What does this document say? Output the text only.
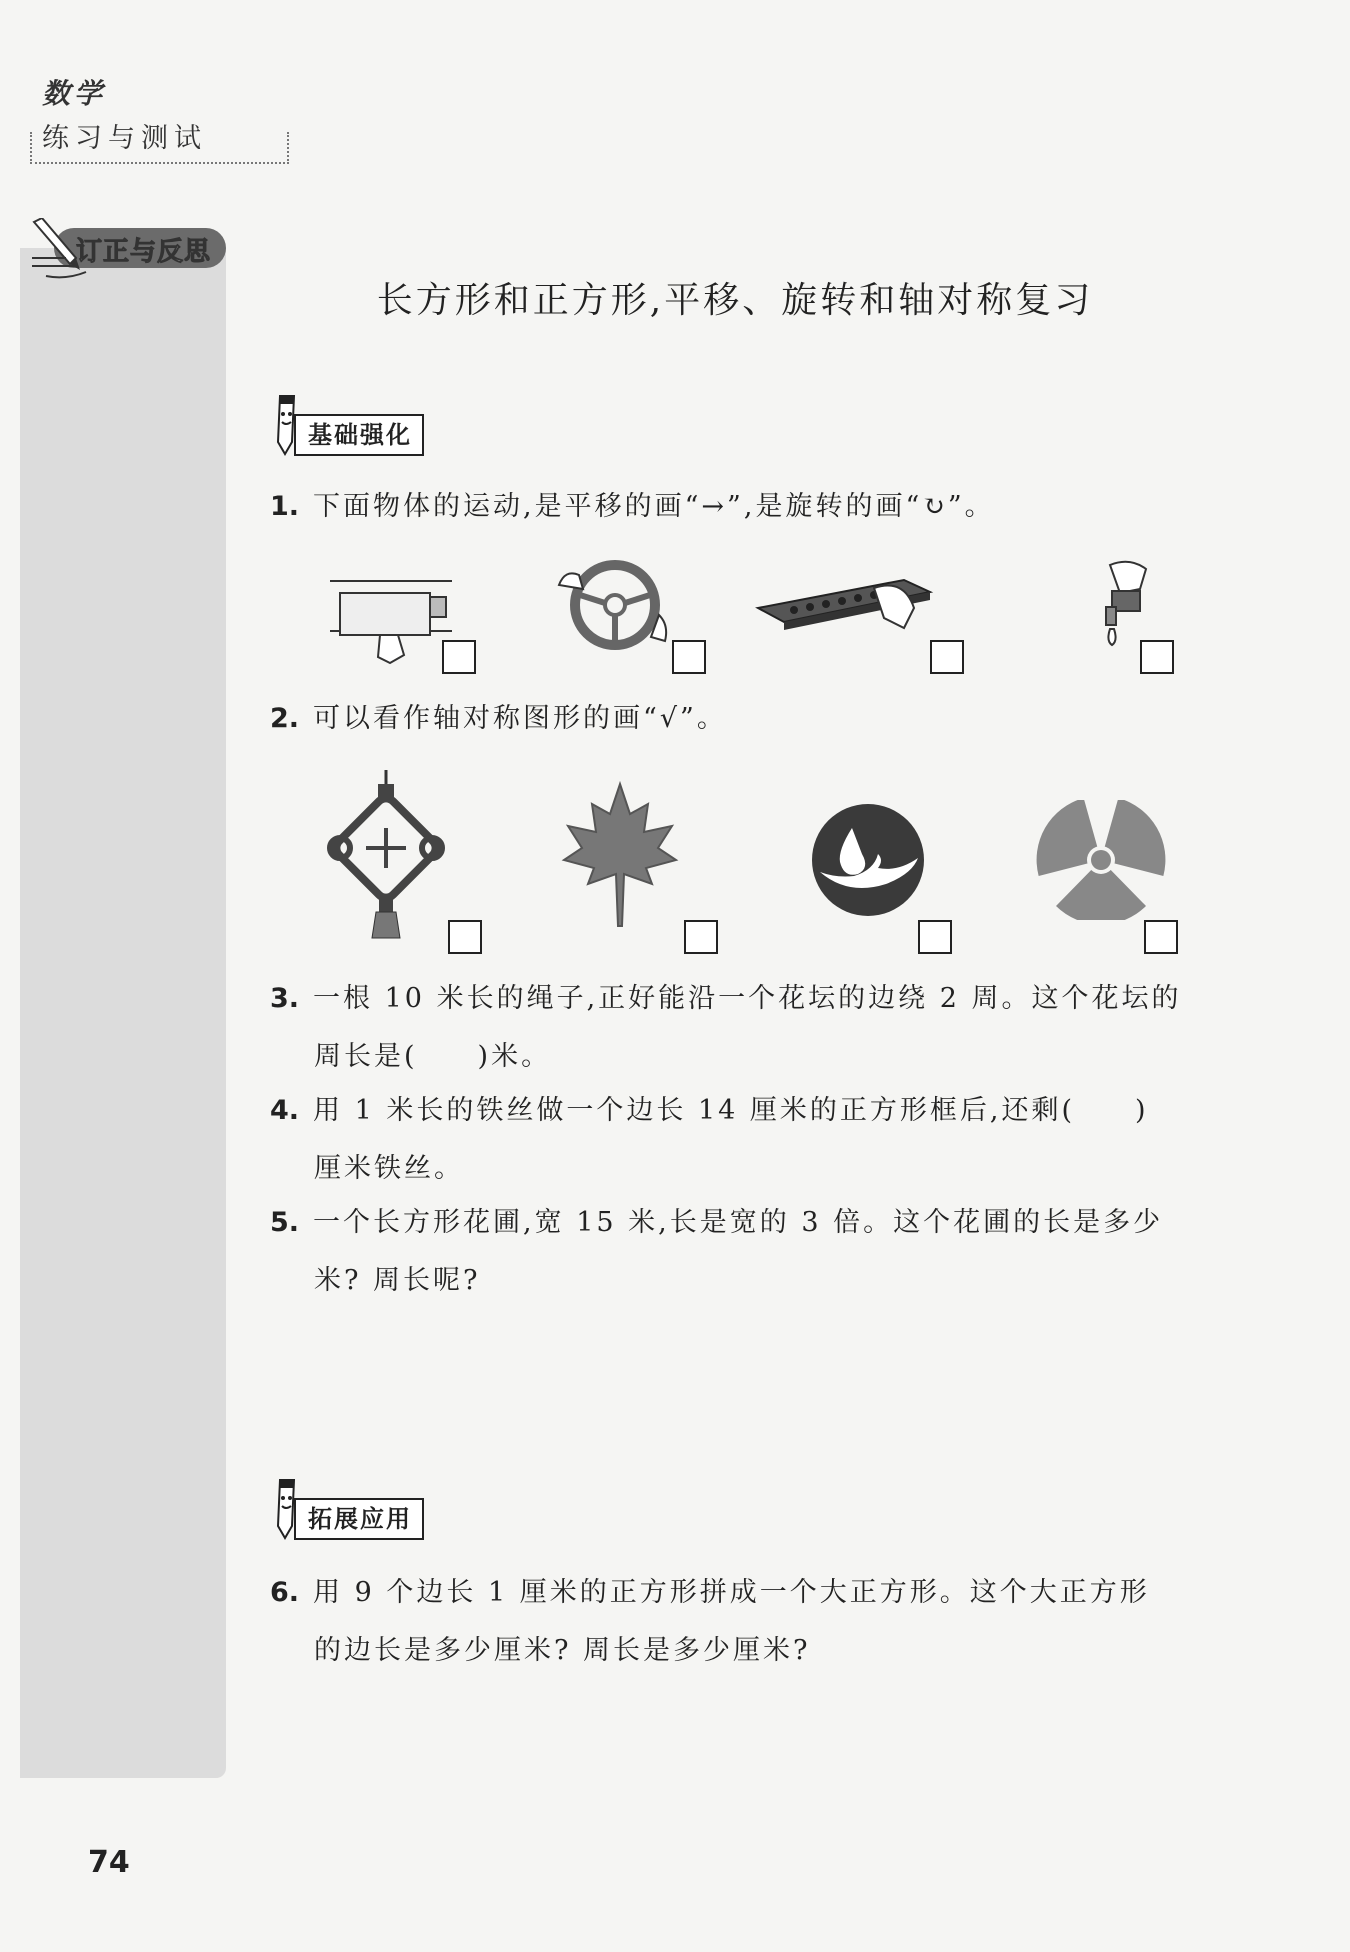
数学
练习与测试
订正与反思
长方形和正方形,平移、旋转和轴对称复习
基础强化
1. 下面物体的运动,是平移的画“→”,是旋转的画“↻”。
2. 可以看作轴对称图形的画“√”。
3. 一根 10 米长的绳子,正好能沿一个花坛的边绕 2 周。这个花坛的
周长是(　　)米。
4. 用 1 米长的铁丝做一个边长 14 厘米的正方形框后,还剩(　　)
厘米铁丝。
5. 一个长方形花圃,宽 15 米,长是宽的 3 倍。这个花圃的长是多少
米? 周长呢?
拓展应用
6. 用 9 个边长 1 厘米的正方形拼成一个大正方形。这个大正方形
的边长是多少厘米? 周长是多少厘米?
74
